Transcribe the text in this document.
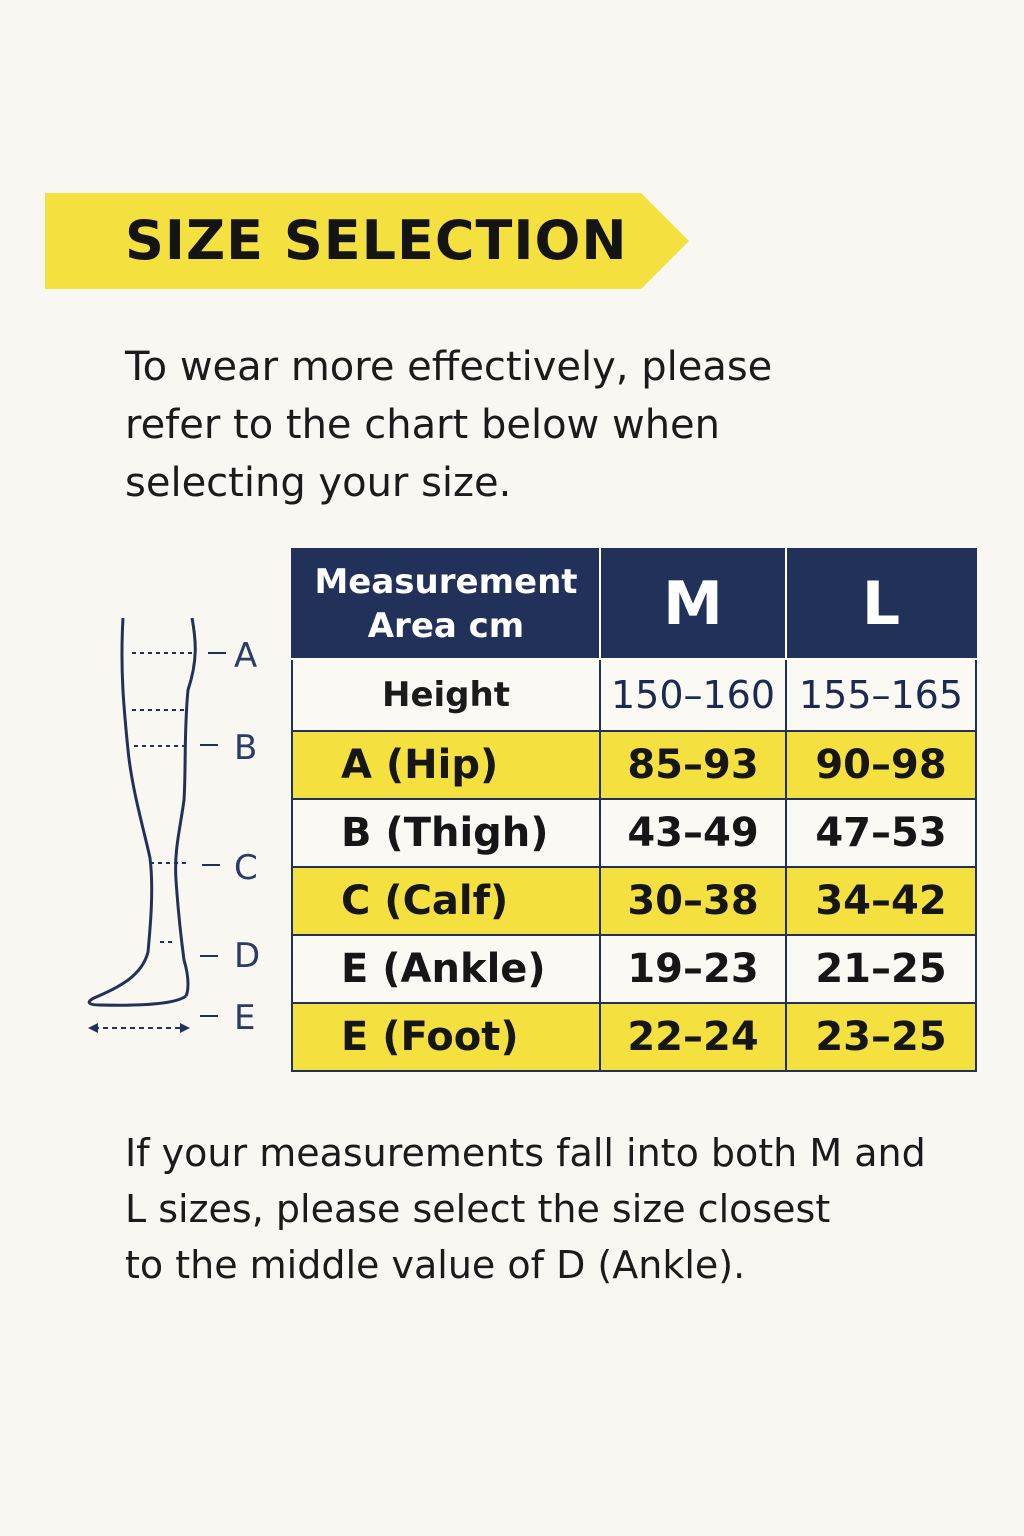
SIZE SELECTION
To wear more effectively, please
refer to the chart below when
selecting your size.
A
B
C
D
E
Measurement
Area cm	M	L
Height	150–160	155–165
A (Hip)	85–93	90–98
B (Thigh)	43–49	47–53
C (Calf)	30–38	34–42
E (Ankle)	19–23	21–25
E (Foot)	22–24	23–25
If your measurements fall into both M and
L sizes, please select the size closest
to the middle value of D (Ankle).
